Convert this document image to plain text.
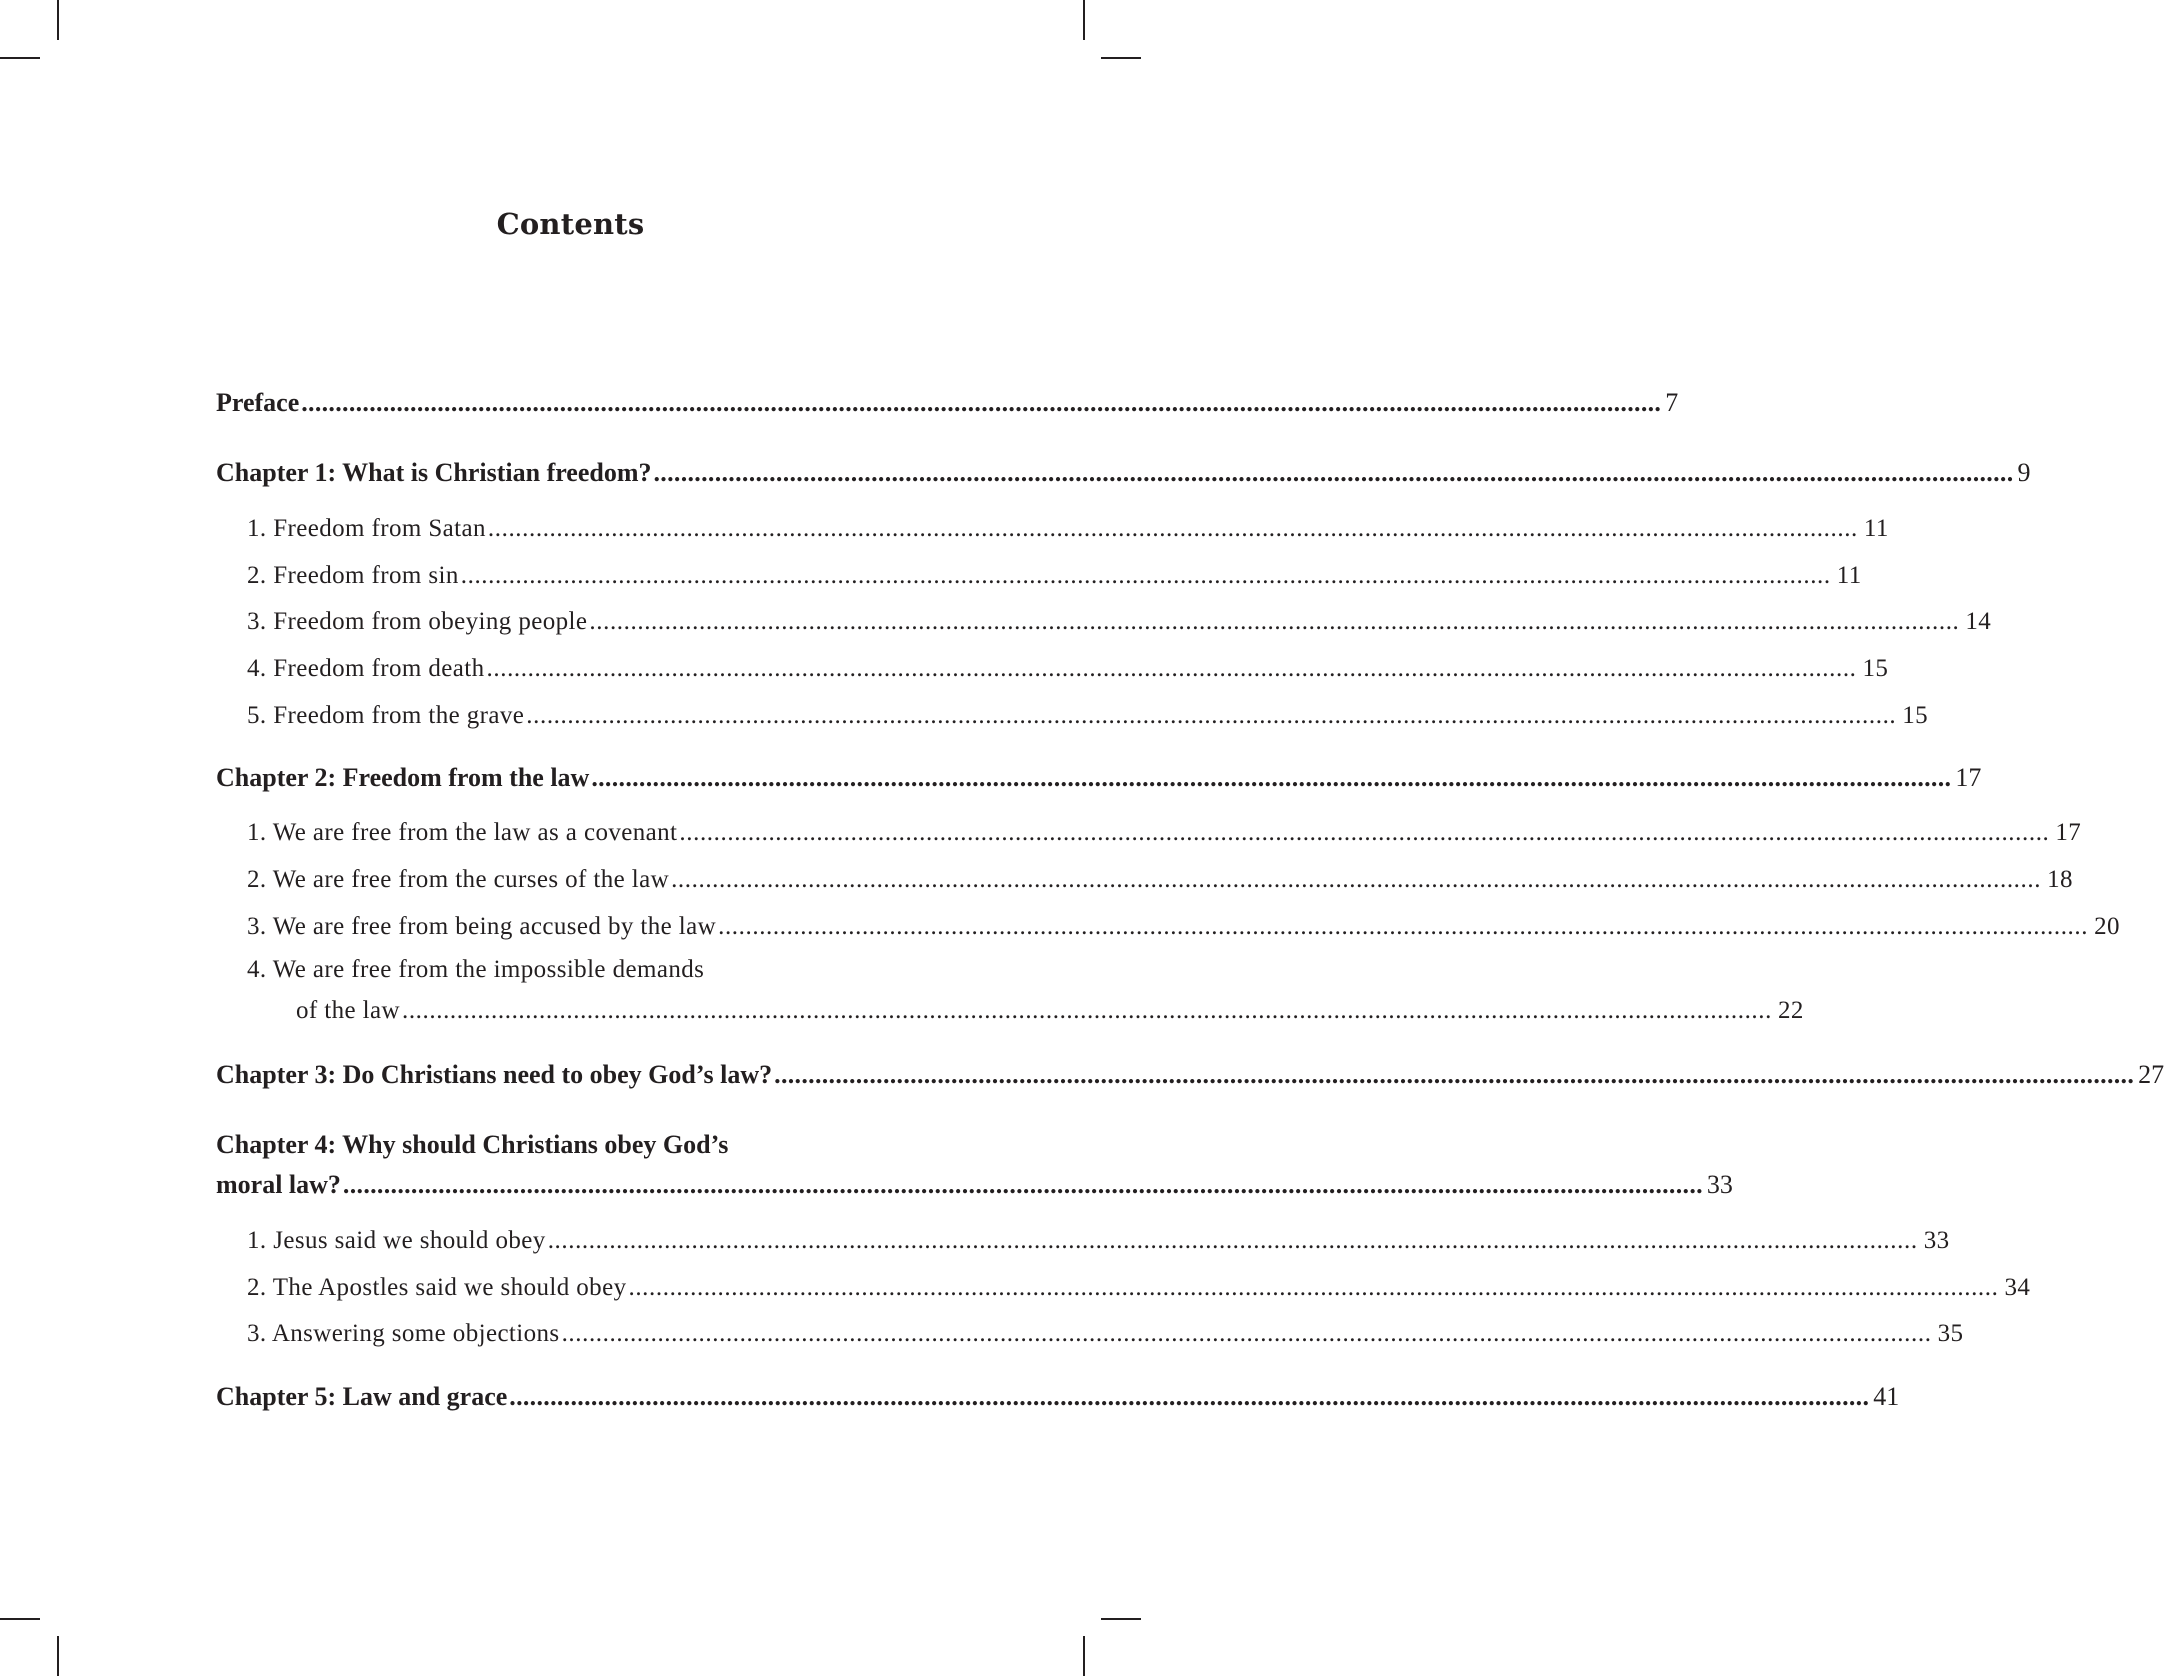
Contents
Preface ........................................................................................................................................................................................................ 7
Chapter 1: What is Christian freedom? ........................................................................................................................................................................................................ 9
1. Freedom from Satan ........................................................................................................................................................................................................ 11
2. Freedom from sin ........................................................................................................................................................................................................ 11
3. Freedom from obeying people ........................................................................................................................................................................................................ 14
4. Freedom from death ........................................................................................................................................................................................................ 15
5. Freedom from the grave ........................................................................................................................................................................................................ 15
Chapter 2: Freedom from the law ........................................................................................................................................................................................................ 17
1. We are free from the law as a covenant ........................................................................................................................................................................................................ 17
2. We are free from the curses of the law ........................................................................................................................................................................................................ 18
3. We are free from being accused by the law ........................................................................................................................................................................................................ 20
4. We are free from the impossible demands
of the law ........................................................................................................................................................................................................ 22
Chapter 3: Do Christians need to obey God’s law? ........................................................................................................................................................................................................ 27
Chapter 4: Why should Christians obey God’s
moral law? ........................................................................................................................................................................................................ 33
1. Jesus said we should obey ........................................................................................................................................................................................................ 33
2. The Apostles said we should obey ........................................................................................................................................................................................................ 34
3. Answering some objections ........................................................................................................................................................................................................ 35
Chapter 5: Law and grace ........................................................................................................................................................................................................ 41
